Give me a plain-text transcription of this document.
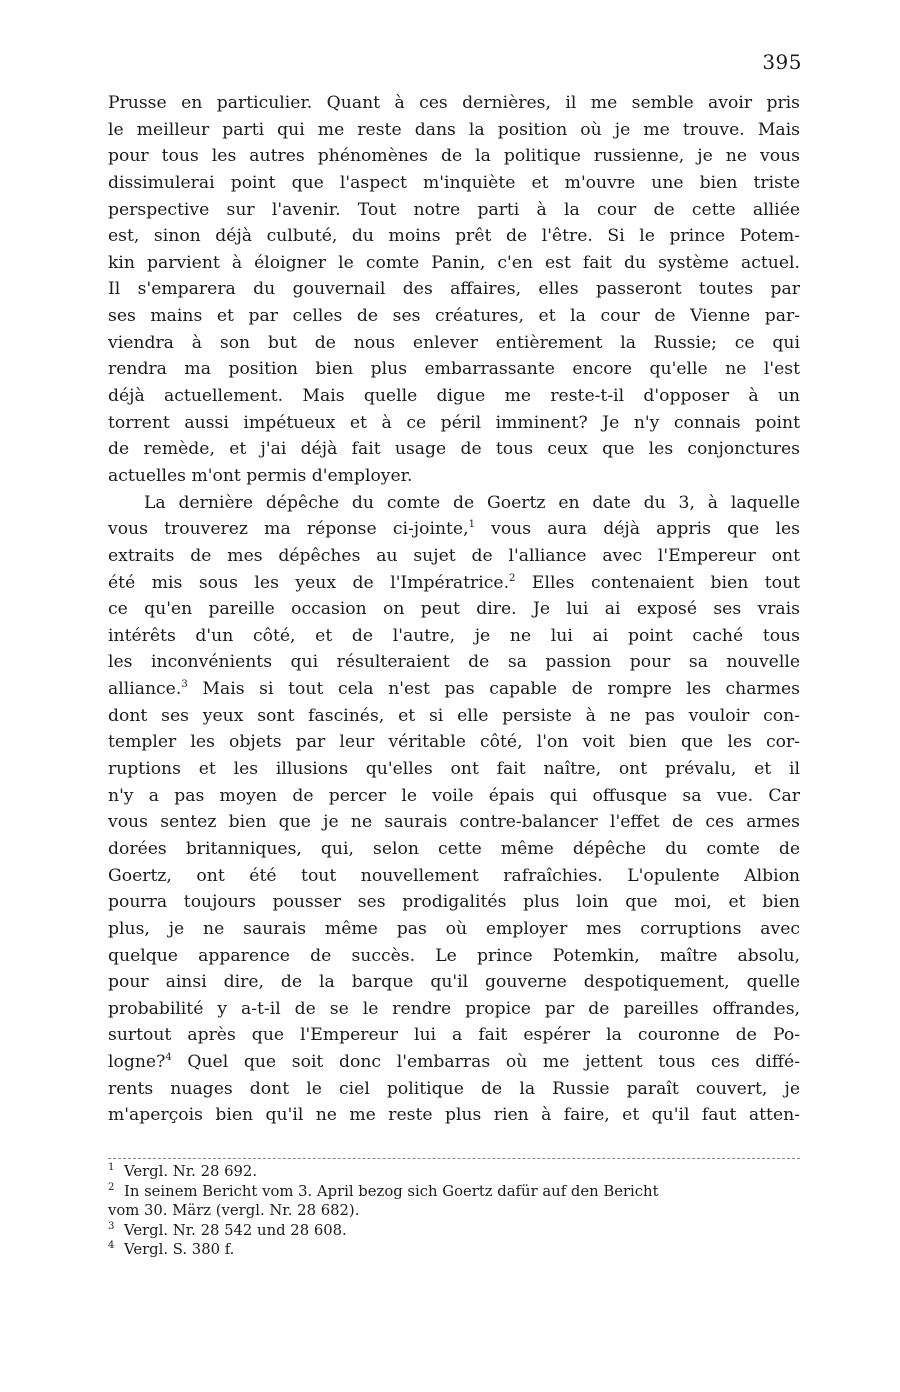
395
Prusse en particulier. Quant à ces dernières, il me semble avoir pris
le meilleur parti qui me reste dans la position où je me trouve. Mais
pour tous les autres phénomènes de la politique russienne, je ne vous
dissimulerai point que l'aspect m'inquiète et m'ouvre une bien triste
perspective sur l'avenir. Tout notre parti à la cour de cette alliée
est, sinon déjà culbuté, du moins prêt de l'être. Si le prince Potem-
kin parvient à éloigner le comte Panin, c'en est fait du système actuel.
Il s'emparera du gouvernail des affaires, elles passeront toutes par
ses mains et par celles de ses créatures, et la cour de Vienne par-
viendra à son but de nous enlever entièrement la Russie; ce qui
rendra ma position bien plus embarrassante encore qu'elle ne l'est
déjà actuellement. Mais quelle digue me reste-t-il d'opposer à un
torrent aussi impétueux et à ce péril imminent? Je n'y connais point
de remède, et j'ai déjà fait usage de tous ceux que les conjonctures
actuelles m'ont permis d'employer.
La dernière dépêche du comte de Goertz en date du 3, à laquelle
vous trouverez ma réponse ci-jointe,$^1$ vous aura déjà appris que les
extraits de mes dépêches au sujet de l'alliance avec l'Empereur ont
été mis sous les yeux de l'Impératrice.$^2$ Elles contenaient bien tout
ce qu'en pareille occasion on peut dire. Je lui ai exposé ses vrais
intérêts d'un côté, et de l'autre, je ne lui ai point caché tous
les inconvénients qui résulteraient de sa passion pour sa nouvelle
alliance.$^3$ Mais si tout cela n'est pas capable de rompre les charmes
dont ses yeux sont fascinés, et si elle persiste à ne pas vouloir con-
templer les objets par leur véritable côté, l'on voit bien que les cor-
ruptions et les illusions qu'elles ont fait naître, ont prévalu, et il
n'y a pas moyen de percer le voile épais qui offusque sa vue. Car
vous sentez bien que je ne saurais contre-balancer l'effet de ces armes
dorées britanniques, qui, selon cette même dépêche du comte de
Goertz, ont été tout nouvellement rafraîchies. L'opulente Albion
pourra toujours pousser ses prodigalités plus loin que moi, et bien
plus, je ne saurais même pas où employer mes corruptions avec
quelque apparence de succès. Le prince Potemkin, maître absolu,
pour ainsi dire, de la barque qu'il gouverne despotiquement, quelle
probabilité y a-t-il de se le rendre propice par de pareilles offrandes,
surtout après que l'Empereur lui a fait espérer la couronne de Po-
logne?$^4$ Quel que soit donc l'embarras où me jettent tous ces diffé-
rents nuages dont le ciel politique de la Russie paraît couvert, je
m'aperçois bien qu'il ne me reste plus rien à faire, et qu'il faut atten-
1 Vergl. Nr. 28 692.
2 In seinem Bericht vom 3. April bezog sich Goertz dafür auf den Bericht
vom 30. März (vergl. Nr. 28 682).
3 Vergl. Nr. 28 542 und 28 608.
4 Vergl. S. 380 f.
